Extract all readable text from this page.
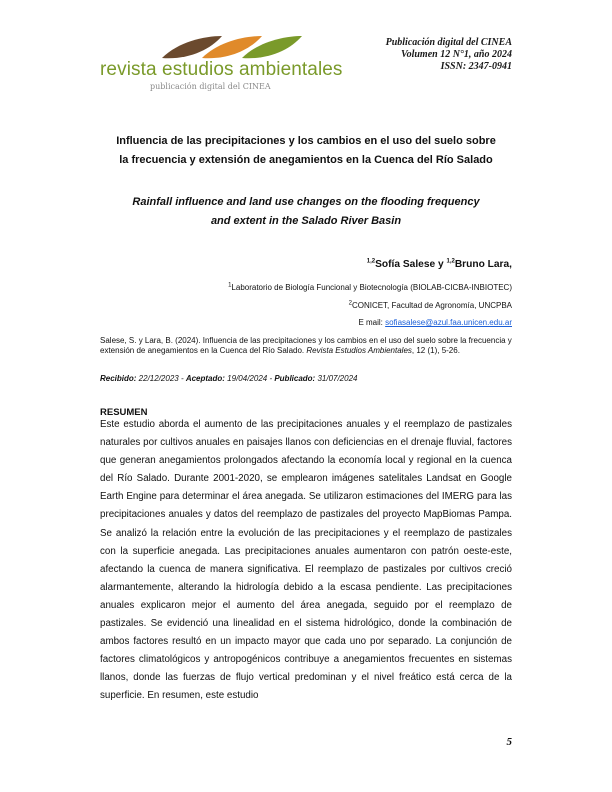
revista estudios ambientales
publicación digital del CINEA
Publicación digital del CINEA
Volumen 12 N°1, año 2024
ISSN: 2347-0941
Influencia de las precipitaciones y los cambios en el uso del suelo sobre
la frecuencia y extensión de anegamientos en la Cuenca del Río Salado
Rainfall influence and land use changes on the flooding frequency
and extent in the Salado River Basin
$^{1,2}$Sofía Salese y $^{1,2}$Bruno Lara,
$^1$Laboratorio de Biología Funcional y Biotecnología (BIOLAB-CICBA-INBIOTEC)
$^2$CONICET, Facultad de Agronomía, UNCPBA
E mail: sofiasalese@azul.faa.unicen.edu.ar
Salese, S. y Lara, B. (2024). Influencia de las precipitaciones y los cambios en el uso del suelo sobre la frecuencia y extensión de anegamientos en la Cuenca del Río Salado. Revista Estudios Ambientales, 12 (1), 5-26.
Recibido: 22/12/2023 - Aceptado: 19/04/2024 - Publicado: 31/07/2024
RESUMEN
Este estudio aborda el aumento de las precipitaciones anuales y el reemplazo de pastizales naturales por cultivos anuales en paisajes llanos con deficiencias en el drenaje fluvial, factores que generan anegamientos prolongados afectando la economía local y regional en la cuenca del Río Salado. Durante 2001-2020, se emplearon imágenes satelitales Landsat en Google Earth Engine para determinar el área anegada. Se utilizaron estimaciones del IMERG para las precipitaciones anuales y datos del reemplazo de pastizales del proyecto MapBiomas Pampa. Se analizó la relación entre la evolución de las precipitaciones y el reemplazo de pastizales con la superficie anegada. Las precipitaciones anuales aumentaron con patrón oeste-este, afectando la cuenca de manera significativa. El reemplazo de pastizales por cultivos creció alarmantemente, alterando la hidrología debido a la escasa pendiente. Las precipitaciones anuales explicaron mejor el aumento del área anegada, seguido por el reemplazo de pastizales. Se evidenció una linealidad en el sistema hidrológico, donde la combinación de ambos factores resultó en un impacto mayor que cada uno por separado. La conjunción de factores climatológicos y antropogénicos contribuye a anegamientos frecuentes en sistemas llanos, donde las fuerzas de flujo vertical predominan y el nivel freático está cerca de la superficie. En resumen, este estudio
5
